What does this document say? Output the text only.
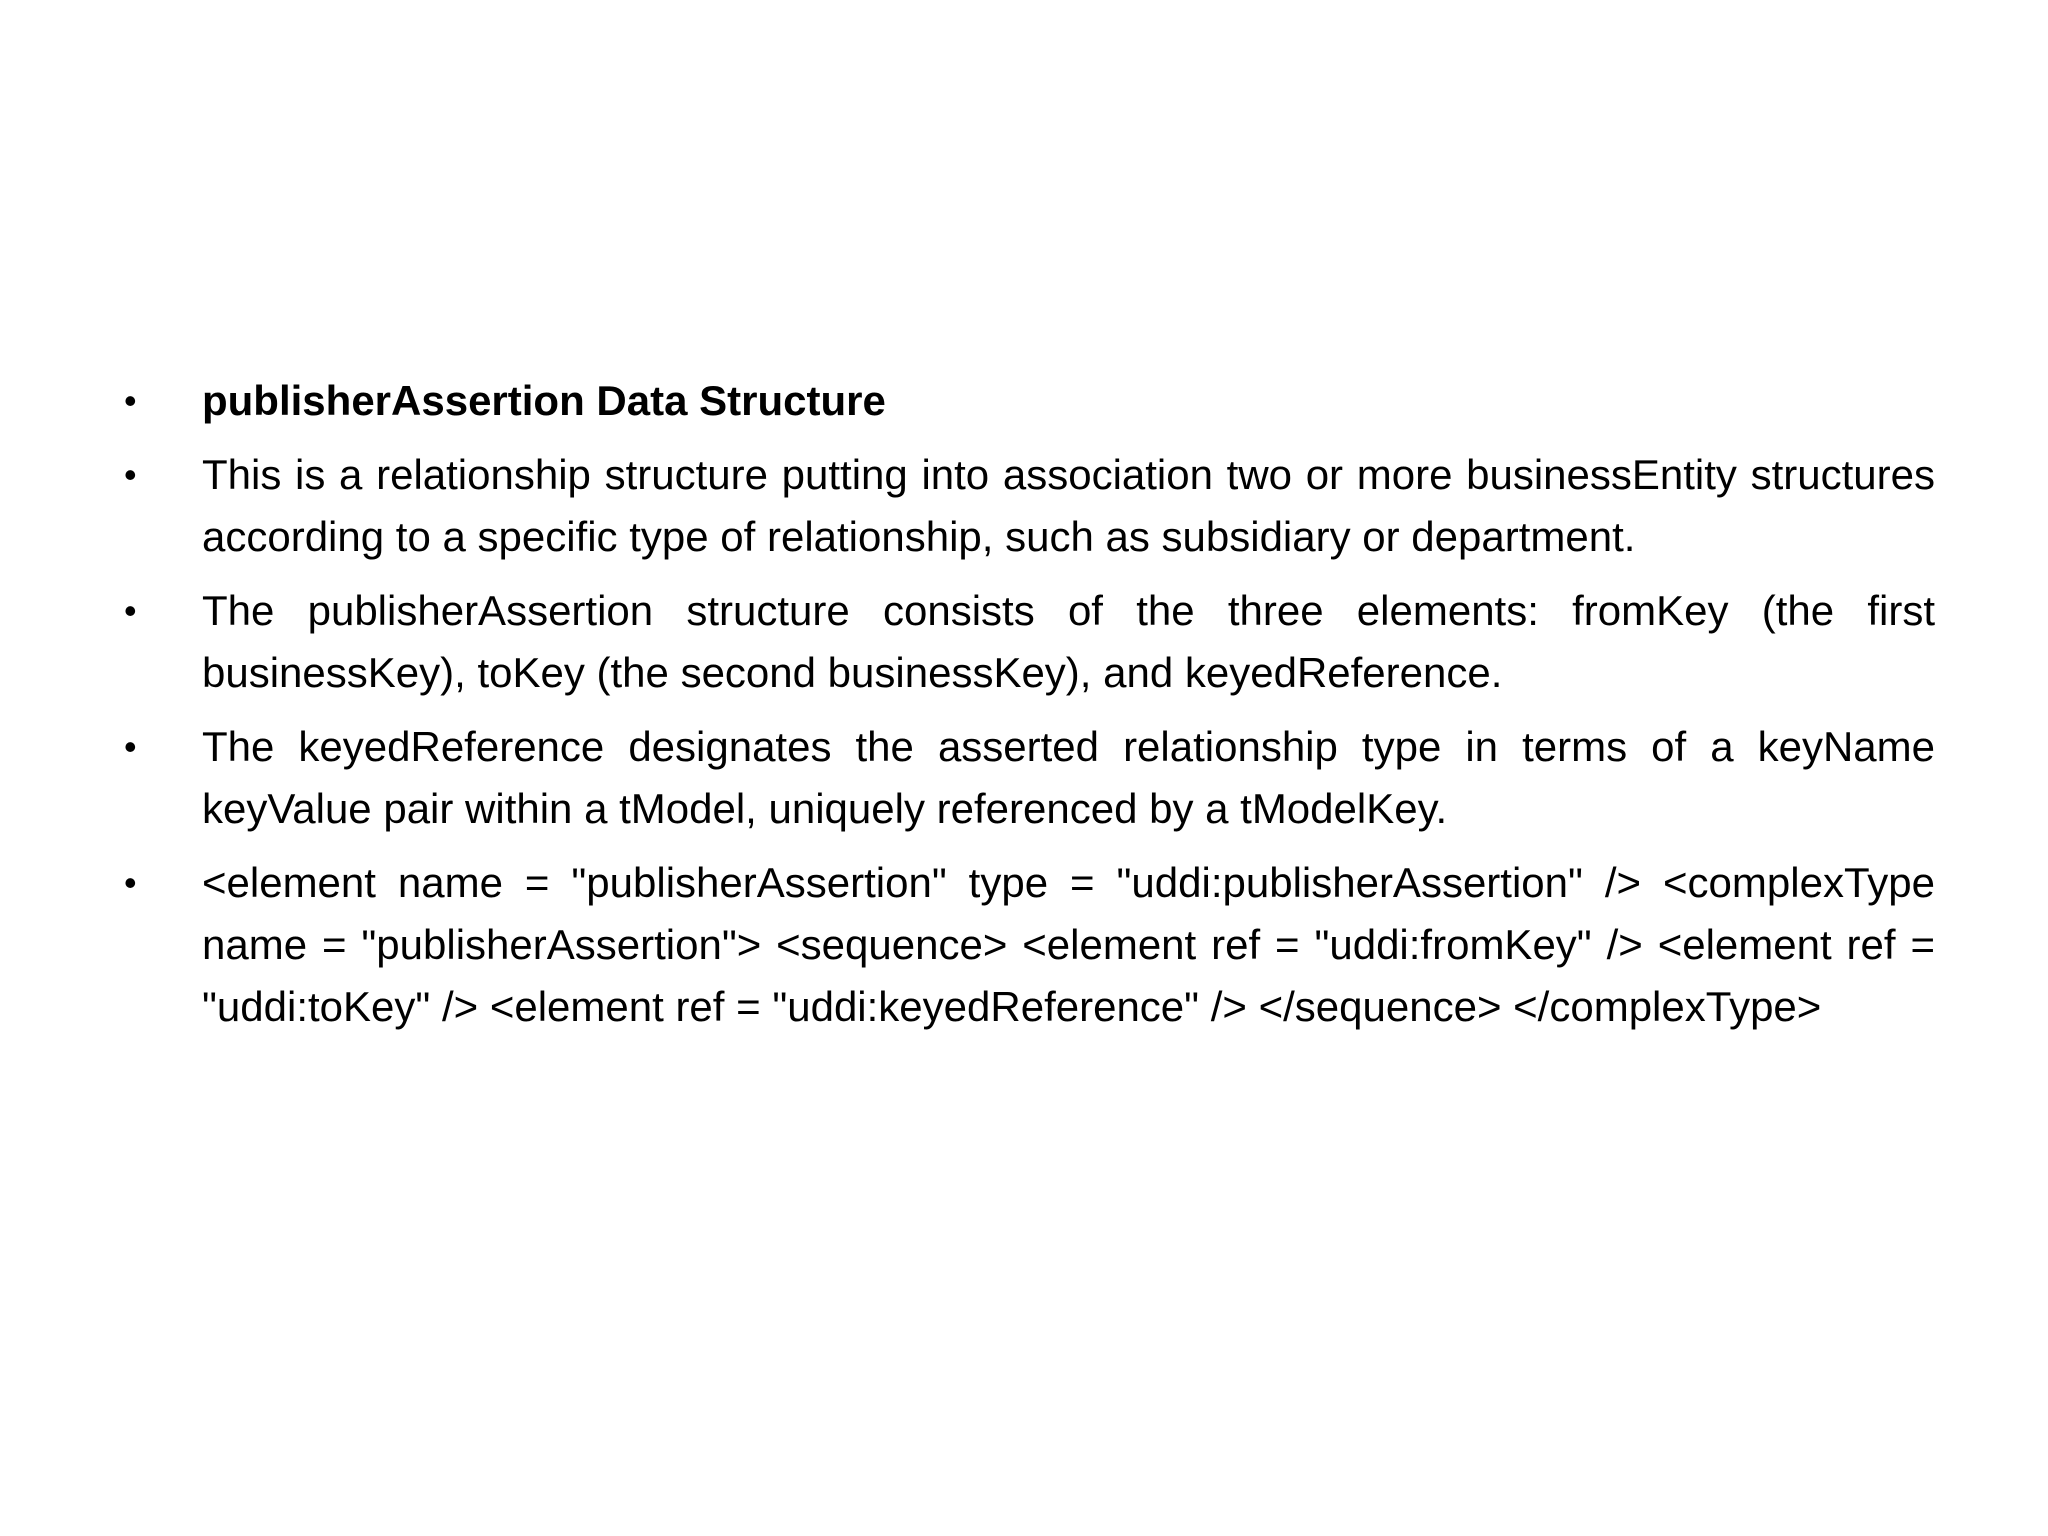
• publisherAssertion Data Structure
• This is a relationship structure putting into association two or more businessEntity structures according to a specific type of relationship, such as subsidiary or department.
• The publisherAssertion structure consists of the three elements: fromKey (the first businessKey), toKey (the second businessKey), and keyedReference.
• The keyedReference designates the asserted relationship type in terms of a keyName keyValue pair within a tModel, uniquely referenced by a tModelKey.
• <element name = "publisherAssertion" type = "uddi:publisherAssertion" /> <complexType name = "publisherAssertion"> <sequence> <element ref = "uddi:fromKey" /> <element ref = "uddi:toKey" /> <element ref = "uddi:keyedReference" /> </sequence> </complexType>
